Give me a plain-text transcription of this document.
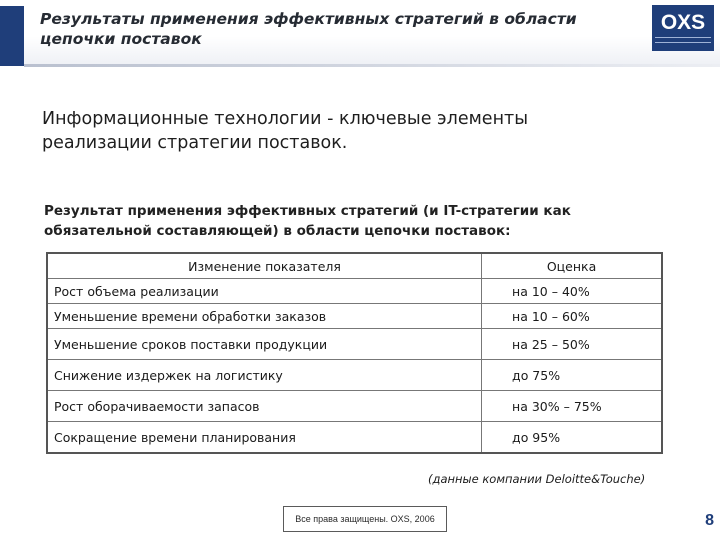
Результаты применения эффективных стратегий в области цепочки поставок
OXS
Информационные технологии - ключевые элементы реализации стратегии поставок.
Результат применения эффективных стратегий (и IT-стратегии как обязательной составляющей) в области цепочки поставок:
Изменение показателя	Оценка
Рост объема реализации	на 10 – 40%
Уменьшение времени обработки заказов	на 10 – 60%
Уменьшение сроков поставки продукции	на 25 – 50%
Снижение издержек на логистику	до 75%
Рост оборачиваемости запасов	на 30% – 75%
Сокращение времени планирования	до 95%
(данные компании Deloitte&Touche)
Все права защищены. OXS, 2006	8
